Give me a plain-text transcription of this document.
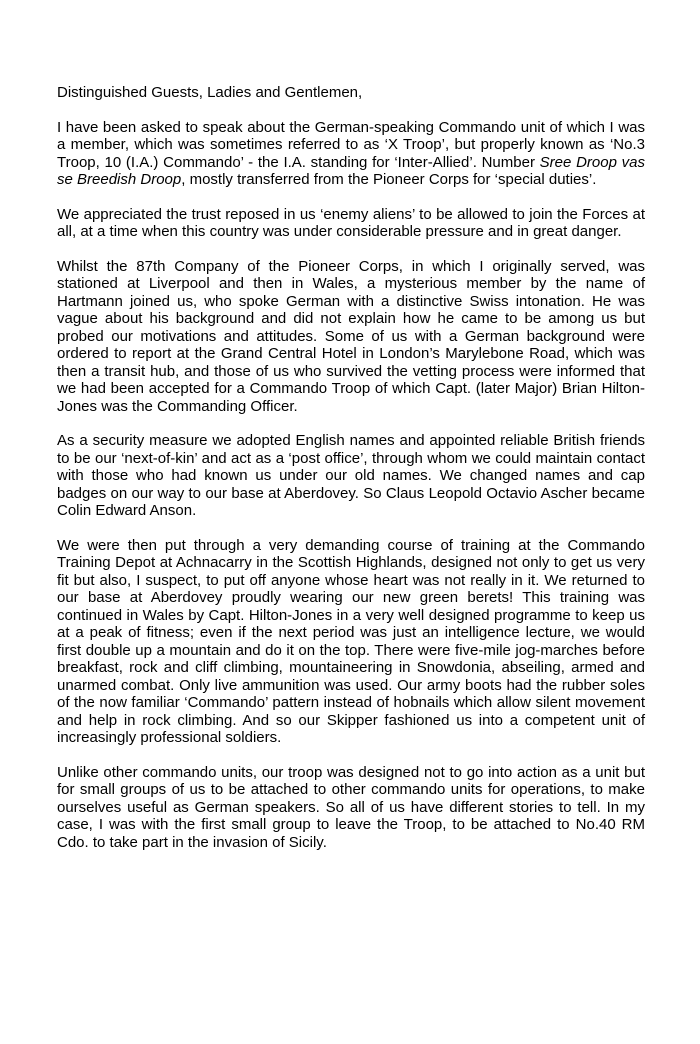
Distinguished Guests, Ladies and Gentlemen,

I have been asked to speak about the German-speaking Commando unit of which I was a member, which was sometimes referred to as ‘X Troop’, but properly known as ‘No.3 Troop, 10 (I.A.) Commando’ - the I.A. standing for ‘Inter-Allied’. Number Sree Droop vas se Breedish Droop, mostly transferred from the Pioneer Corps for ‘special duties’.

We appreciated the trust reposed in us ‘enemy aliens’ to be allowed to join the Forces at all, at a time when this country was under considerable pressure and in great danger.

Whilst the 87th Company of the Pioneer Corps, in which I originally served, was stationed at Liverpool and then in Wales, a mysterious member by the name of Hartmann joined us, who spoke German with a distinctive Swiss intonation. He was vague about his background and did not explain how he came to be among us but probed our motivations and attitudes. Some of us with a German background were ordered to report at the Grand Central Hotel in London’s Marylebone Road, which was then a transit hub, and those of us who survived the vetting process were informed that we had been accepted for a Commando Troop of which Capt. (later Major) Brian Hilton-Jones was the Commanding Officer.

As a security measure we adopted English names and appointed reliable British friends to be our ‘next-of-kin’ and act as a ‘post office’, through whom we could maintain contact with those who had known us under our old names. We changed names and cap badges on our way to our base at Aberdovey. So Claus Leopold Octavio Ascher became Colin Edward Anson.

We were then put through a very demanding course of training at the Commando Training Depot at Achnacarry in the Scottish Highlands, designed not only to get us very fit but also, I suspect, to put off anyone whose heart was not really in it. We returned to our base at Aberdovey proudly wearing our new green berets! This training was continued in Wales by Capt. Hilton-Jones in a very well designed programme to keep us at a peak of fitness; even if the next period was just an intelligence lecture, we would first double up a mountain and do it on the top. There were five-mile jog-marches before breakfast, rock and cliff climbing, mountaineering in Snowdonia, abseiling, armed and unarmed combat. Only live ammunition was used. Our army boots had the rubber soles of the now familiar ‘Commando’ pattern instead of hobnails which allow silent movement and help in rock climbing. And so our Skipper fashioned us into a competent unit of increasingly professional soldiers.

Unlike other commando units, our troop was designed not to go into action as a unit but for small groups of us to be attached to other commando units for operations, to make ourselves useful as German speakers. So all of us have different stories to tell. In my case, I was with the first small group to leave the Troop, to be attached to No.40 RM Cdo. to take part in the invasion of Sicily.
